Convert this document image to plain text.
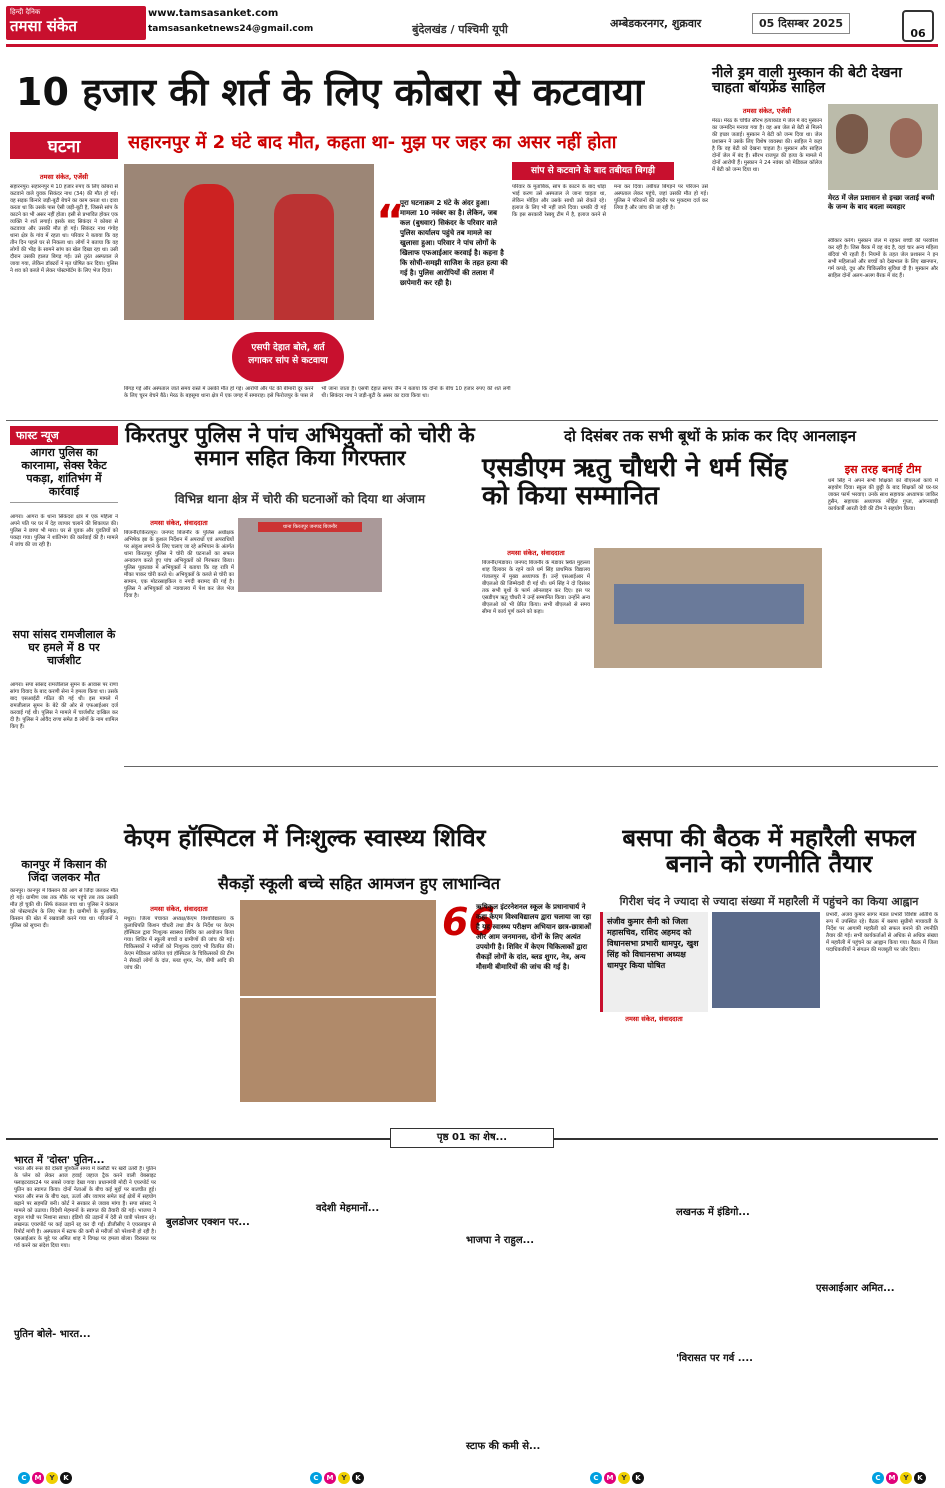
हिन्दी दैनिक
तमसा संकेत
www.tamsasanket.com
tamsasanketnews24@gmail.com	बुंदेलखंड / पश्चिमी यूपी	अम्बेडकरनगर, शुक्रवार	05 दिसम्बर 2025
06
10 हजार की शर्त के लिए कोबरा से कटवाया
घटना	सहारनपुर में 2 घंटे बाद मौत, कहता था- मुझ पर जहर का असर नहीं होता
तमसा संकेत, एजेंसी
सहारनपुर। सहारनपुर में 10 हजार रुपए के लिए कोबरा से कटवाने वाले युवक सिकंदर नाथ (34) की मौत हो गई। वह सड़क किनारे जड़ी-बूटी बेचने का काम करता था। दावा करता था कि उसके पास ऐसी जड़ी-बूटी है, जिससे सांप के काटने का भी असर नहीं होता। इसी से प्रभावित होकर एक व्यक्ति ने शर्त लगाई। इसके बाद सिकंदर ने कोबरा से कटवाया और उसकी मौत हो गई। सिकंदर नाथ गंगोह थाना क्षेत्र के गांव में रहता था। परिवार ने बताया कि वह तीन दिन पहले घर से निकला था। लोगों ने बताया कि वह लोगों की भीड़ के सामने सांप का खेल दिखा रहा था। उसी दौरान उसकी हालत बिगड़ गई। उसे तुरंत अस्पताल ले जाया गया, लेकिन डॉक्टरों ने मृत घोषित कर दिया। पुलिस ने शव को कब्जे में लेकर पोस्टमॉर्टम के लिए भेज दिया।
“
पूरा घटनाक्रम 2 घंटे के अंदर हुआ। मामला 10 नवंबर का है। लेकिन, जब कल (बुधवार) सिकंदर के परिवार वाले पुलिस कार्यालय पहुंचे तब मामले का खुलासा हुआ। परिवार ने पांच लोगों के खिलाफ एफआईआर करवाई है। कहना है कि सोची-समझी साजिश के तहत हत्या की गई है। पुलिस आरोपियों की तलाश में छापेमारी कर रही है।
सांप से कटवाने के बाद तबीयत बिगड़ी
परिवार के मुताबिक, सांप के काटने के बाद थोड़ा भाई करण उसे अस्पताल ले जाना चाहता था, लेकिन मोहित और उसके साथी उसे रोकते रहे। इलाज के लिए भी नहीं जाने दिया। धमकी दी गई कि इस सरकारी रेस्क्यू टीम में है, इलाज करने से मना कर दिया। तबीयत बिगड़ने पर परिजन उसे अस्पताल लेकर पहुंचे, जहां उसकी मौत हो गई। पुलिस ने परिजनों की तहरीर पर मुकदमा दर्ज कर लिया है और जांच की जा रही है।
एसपी देहात बोले, शर्त लगाकर सांप से कटवाया
बिगड़ गई और अस्पताल जाते समय रास्ते में उसकी मौत हो गई। आरोपी और पेट की बीमारी दूर करने के लिए चूरन बेचने बैठे। मेरठ के बहसूमा थाना क्षेत्र में एक जगह में समाराह। इसे फिरोजपुर के पास ले भी जाना जाता है। एसपी देहात सागर जैन ने बताया कि दोनों के बीच 10 हजार रुपए की शर्त लगी थी। सिकंदर नाथ ने जड़ी-बूटी के असर का दावा किया था।
नीले ड्रम वाली मुस्कान की बेटी देखना चाहता बॉयफ्रेंड साहिल
तमसा संकेत, एजेंसी
मेरठ। मेरठ के चर्चित सौरभ हत्याकांड में जेल में बंद मुस्कान का जन्मदिन मनाया गया है। वह अब जेल से बेटी से मिलने की इच्छा जताई। मुस्कान ने बेटी को जन्म दिया था। जेल प्रशासन ने उसके लिए विशेष व्यवस्था की। साहिल ने कहा है कि वह बेटी को देखना चाहता है। मुस्कान और साहिल दोनों जेल में बंद हैं। सौरभ राजपूत की हत्या के मामले में दोनों आरोपी हैं। मुस्कान ने 24 नवंबर को मेडिकल कॉलेज में बेटी को जन्म दिया था।
मेरठ में जेल प्रशासन से इच्छा जताई बच्ची के जन्म के बाद बदला व्यवहार
स्वीकार करेंगे। मुस्कान जेल में रहकर बच्ची की परवरिश कर रही है। जिस बैरक में वह बंद है, वहां चार अन्य महिला बंदियां भी रहती हैं। नियमों के तहत जेल प्रशासन ने इन सभी महिलाओं और बच्चों को देखभाल के लिए खानपान, गर्म कपड़े, दूध और चिकित्सीय सुविधा दी है। मुस्कान और साहिल दोनों अलग-अलग बैरक में बंद हैं।
फास्ट न्यूज
आगरा पुलिस का कारनामा, सेक्स रैकेट पकड़ा, शांतिभंग में कार्रवाई
आगरा। आगरा के थाना सिकंदरा क्षेत्र में एक महिला ने अपने पति पर घर में देह व्यापार चलाने की शिकायत की। पुलिस ने छापा भी मारा। घर से युवक और युवतियों को पकड़ा गया। पुलिस ने शांतिभंग की कार्रवाई की है। मामले में जांच की जा रही है।
सपा सांसद रामजीलाल के घर हमले में 8 पर चार्जशीट
आगरा। सपा सांसद रामजीलाल सुमन के आवास पर राणा सांगा विवाद के बाद करणी सेना ने हमला किया था। उसके बाद एसआईटी गठित की गई थी। इस मामले में रामजीलाल सुमन के बेटे की ओर से एफआईआर दर्ज करवाई गई थी। पुलिस ने मामले में चार्जशीट दाखिल कर दी है। पुलिस ने ओवैद राणा समेत 8 लोगों के नाम शामिल किए हैं।
कानपुर में किसान की जिंदा जलकर मौत
कानपुर। कानपुर में किसान की आग से जिंदा जलकर मौत हो गई। ग्रामीण जब तक मौके पर पहुंचे तब तक उसकी मौत हो चुकी थी। सिर्फ कंकाल बचा था। पुलिस ने कंकाल को पोस्टमार्टम के लिए भेजा है। ग्रामीणों के मुताबिक, किसान की खेत में रखवाली करने गया था। परिजनों ने पुलिस को सूचना दी।
किरतपुर पुलिस ने पांच अभियुक्तों को चोरी के समान सहित किया गिरफ्तार
विभिन्न थाना क्षेत्र में चोरी की घटनाओं को दिया था अंजाम
तमसा संकेत, संवाददाता
बिजनौर/किरतपुर। जनपद बिजनौर के पुलिस अधीक्षक अभिषेक झा के कुशल निर्देशन में अपराधों एवं अपराधियों पर अंकुश लगाने के लिए चलाए जा रहे अभियान के अंतर्गत थाना किरतपुर पुलिस ने चोरी की घटनाओं का सफल अनावरण करते हुए पांच अभियुक्तों को गिरफ्तार किया। पुलिस पूछताछ में अभियुक्तों ने बताया कि वह रात्रि में मौका पाकर चोरी करते थे। अभियुक्तों के कब्जे से चोरी का सामान, एक मोटरसाइकिल व नगदी बरामद की गई है। पुलिस ने अभियुक्तों को न्यायालय में पेश कर जेल भेज दिया है।
थाना किरतपुर जनपद बिजनौर
दो दिसंबर तक सभी बूथों के फ्रांक कर दिए आनलाइन
एसडीएम ऋतु चौधरी ने धर्म सिंह को किया सम्मानित
तमसा संकेत, संवाददाता
बिजनौर/मंडावर। जनपद बिजनौर के मंडावर स्थित मुहल्ला शाह दिलावर के रहने वाले धर्म सिंह प्राथमिक विद्यालय गंजालपुर में मुख्य अध्यापक हैं। उन्हें एसआईआर में बीएलओ की जिम्मेदारी दी गई थी। धर्म सिंह ने दो दिसंबर तक सभी बूथों के फार्म ऑनलाइन कर दिए। इस पर एसडीएम ऋतु चौधरी ने उन्हें सम्मानित किया। उन्होंने अन्य बीएलओ को भी प्रेरित किया। सभी बीएलओ से समय सीमा में कार्य पूर्ण करने को कहा।
इस तरह बनाई टीम
धर्म सिंह ने अपने सभी शिक्षकों को बीएलओ कार्य में सहयोग दिया। स्कूल की छुट्टी के बाद शिक्षकों को घर-घर जाकर फार्म भरवाए। उनके साथ सहायक अध्यापक जाकिर हुसैन, सहायक अध्यापक मोहित गुप्ता, आंगनबाड़ी कार्यकर्त्री आरती देवी की टीम ने सहयोग किया।
केएम हॉस्पिटल में निःशुल्क स्वास्थ्य शिविर
सैकड़ों स्कूली बच्चे सहित आमजन हुए लाभान्वित
तमसा संकेत, संवाददाता
मथुरा। जिला पंचायत अध्यक्ष/केएम विश्वविद्यालय के कुलाधिपति किशन चौधरी तथा डीन के निर्देश पर केएम हॉस्पिटल द्वारा निःशुल्क स्वास्थ्य शिविर का आयोजन किया गया। शिविर में स्कूली बच्चों व ग्रामीणों की जांच की गई। चिकित्सकों ने मरीजों को निःशुल्क दवाएं भी वितरित कीं। केएम मेडिकल कॉलेज एवं हॉस्पिटल के चिकित्सकों की टीम ने सैकड़ों लोगों के दांत, ब्लड शुगर, नेत्र, बीपी आदि की जांच की।
66
ऋषिकुल इंटरनेशनल स्कूल के प्रधानाचार्य ने कहा केएम विश्वविद्यालय द्वारा चलाया जा रहा है यह स्वास्थ्य परीक्षण अभियान छात्र-छात्राओं और आम जनमानस, दोनों के लिए अत्यंत उपयोगी है। शिविर में केएम चिकित्सकों द्वारा सैकड़ों लोगों के दांत, ब्लड शुगर, नेत्र, अन्य मौसमी बीमारियों की जांच की गई है।
बसपा की बैठक में महारैली सफल बनाने को रणनीति तैयार
गिरीश चंद ने ज्यादा से ज्यादा संख्या में महारैली में पहुंचने का किया आह्वान
संजीव कुमार सैनी को जिला महासचिव, राशिद अहमद को विधानसभा प्रभारी धामपुर, खुश सिंह को विधानसभा अध्यक्ष धामपुर किया घोषित
तमसा संकेत, संवाददाता
प्रभारी, अजय कुमार सागर मंडल प्रभारी विशिष्ट अतिथि के रूप में उपस्थित रहे। बैठक में बसपा सुप्रीमो मायावती के निर्देश पर आगामी महारैली को सफल बनाने की रणनीति तैयार की गई। सभी कार्यकर्ताओं से अधिक से अधिक संख्या में महारैली में पहुंचने का आह्वान किया गया। बैठक में जिला पदाधिकारियों ने संगठन की मजबूती पर जोर दिया।
पृष्ठ 01 का शेष...
भारत में 'दोस्त' पुतिन...
पुतिन बोले- भारत...
बुलडोजर एक्शन पर...
वदेशी मेहमानों...
भाजपा ने राहुल...
स्टाफ की कमी से...
लखनऊ में इंडिगो...
'विरासत पर गर्व ....
एसआईआर अमित...
भारत और रूस की दोस्ती मुश्किल समय में कसौटी पर खरी उतरी है। पुतिन के प्लेन को लेकर आज हवाई जहाज ट्रैक करने वाली वेबसाइट फ्लाइटरडार24 पर सबसे ज्यादा देखा गया। प्रधानमंत्री मोदी ने एयरपोर्ट पर पुतिन का स्वागत किया। दोनों नेताओं के बीच कई मुद्दों पर बातचीत हुई। भारत और रूस के बीच रक्षा, ऊर्जा और व्यापार समेत कई क्षेत्रों में सहयोग बढ़ाने पर सहमति बनी। कोर्ट ने सरकार से जवाब मांगा है। सपा सांसद ने मामले को उठाया। विदेशी मेहमानों के स्वागत की तैयारी की गई। भाजपा ने राहुल गांधी पर निशाना साधा। इंडिगो की उड़ानों में देरी से यात्री परेशान रहे। लखनऊ एयरपोर्ट पर कई उड़ानें रद्द कर दी गईं। डीजीसीए ने एयरलाइन से रिपोर्ट मांगी है। अस्पताल में स्टाफ की कमी से मरीजों को परेशानी हो रही है। एसआईआर के मुद्दे पर अमित शाह ने विपक्ष पर हमला बोला। विरासत पर गर्व करने का संदेश दिया गया।
C	M	Y	K	C	M	Y	K	C	M	Y	K	C	M	Y	K
